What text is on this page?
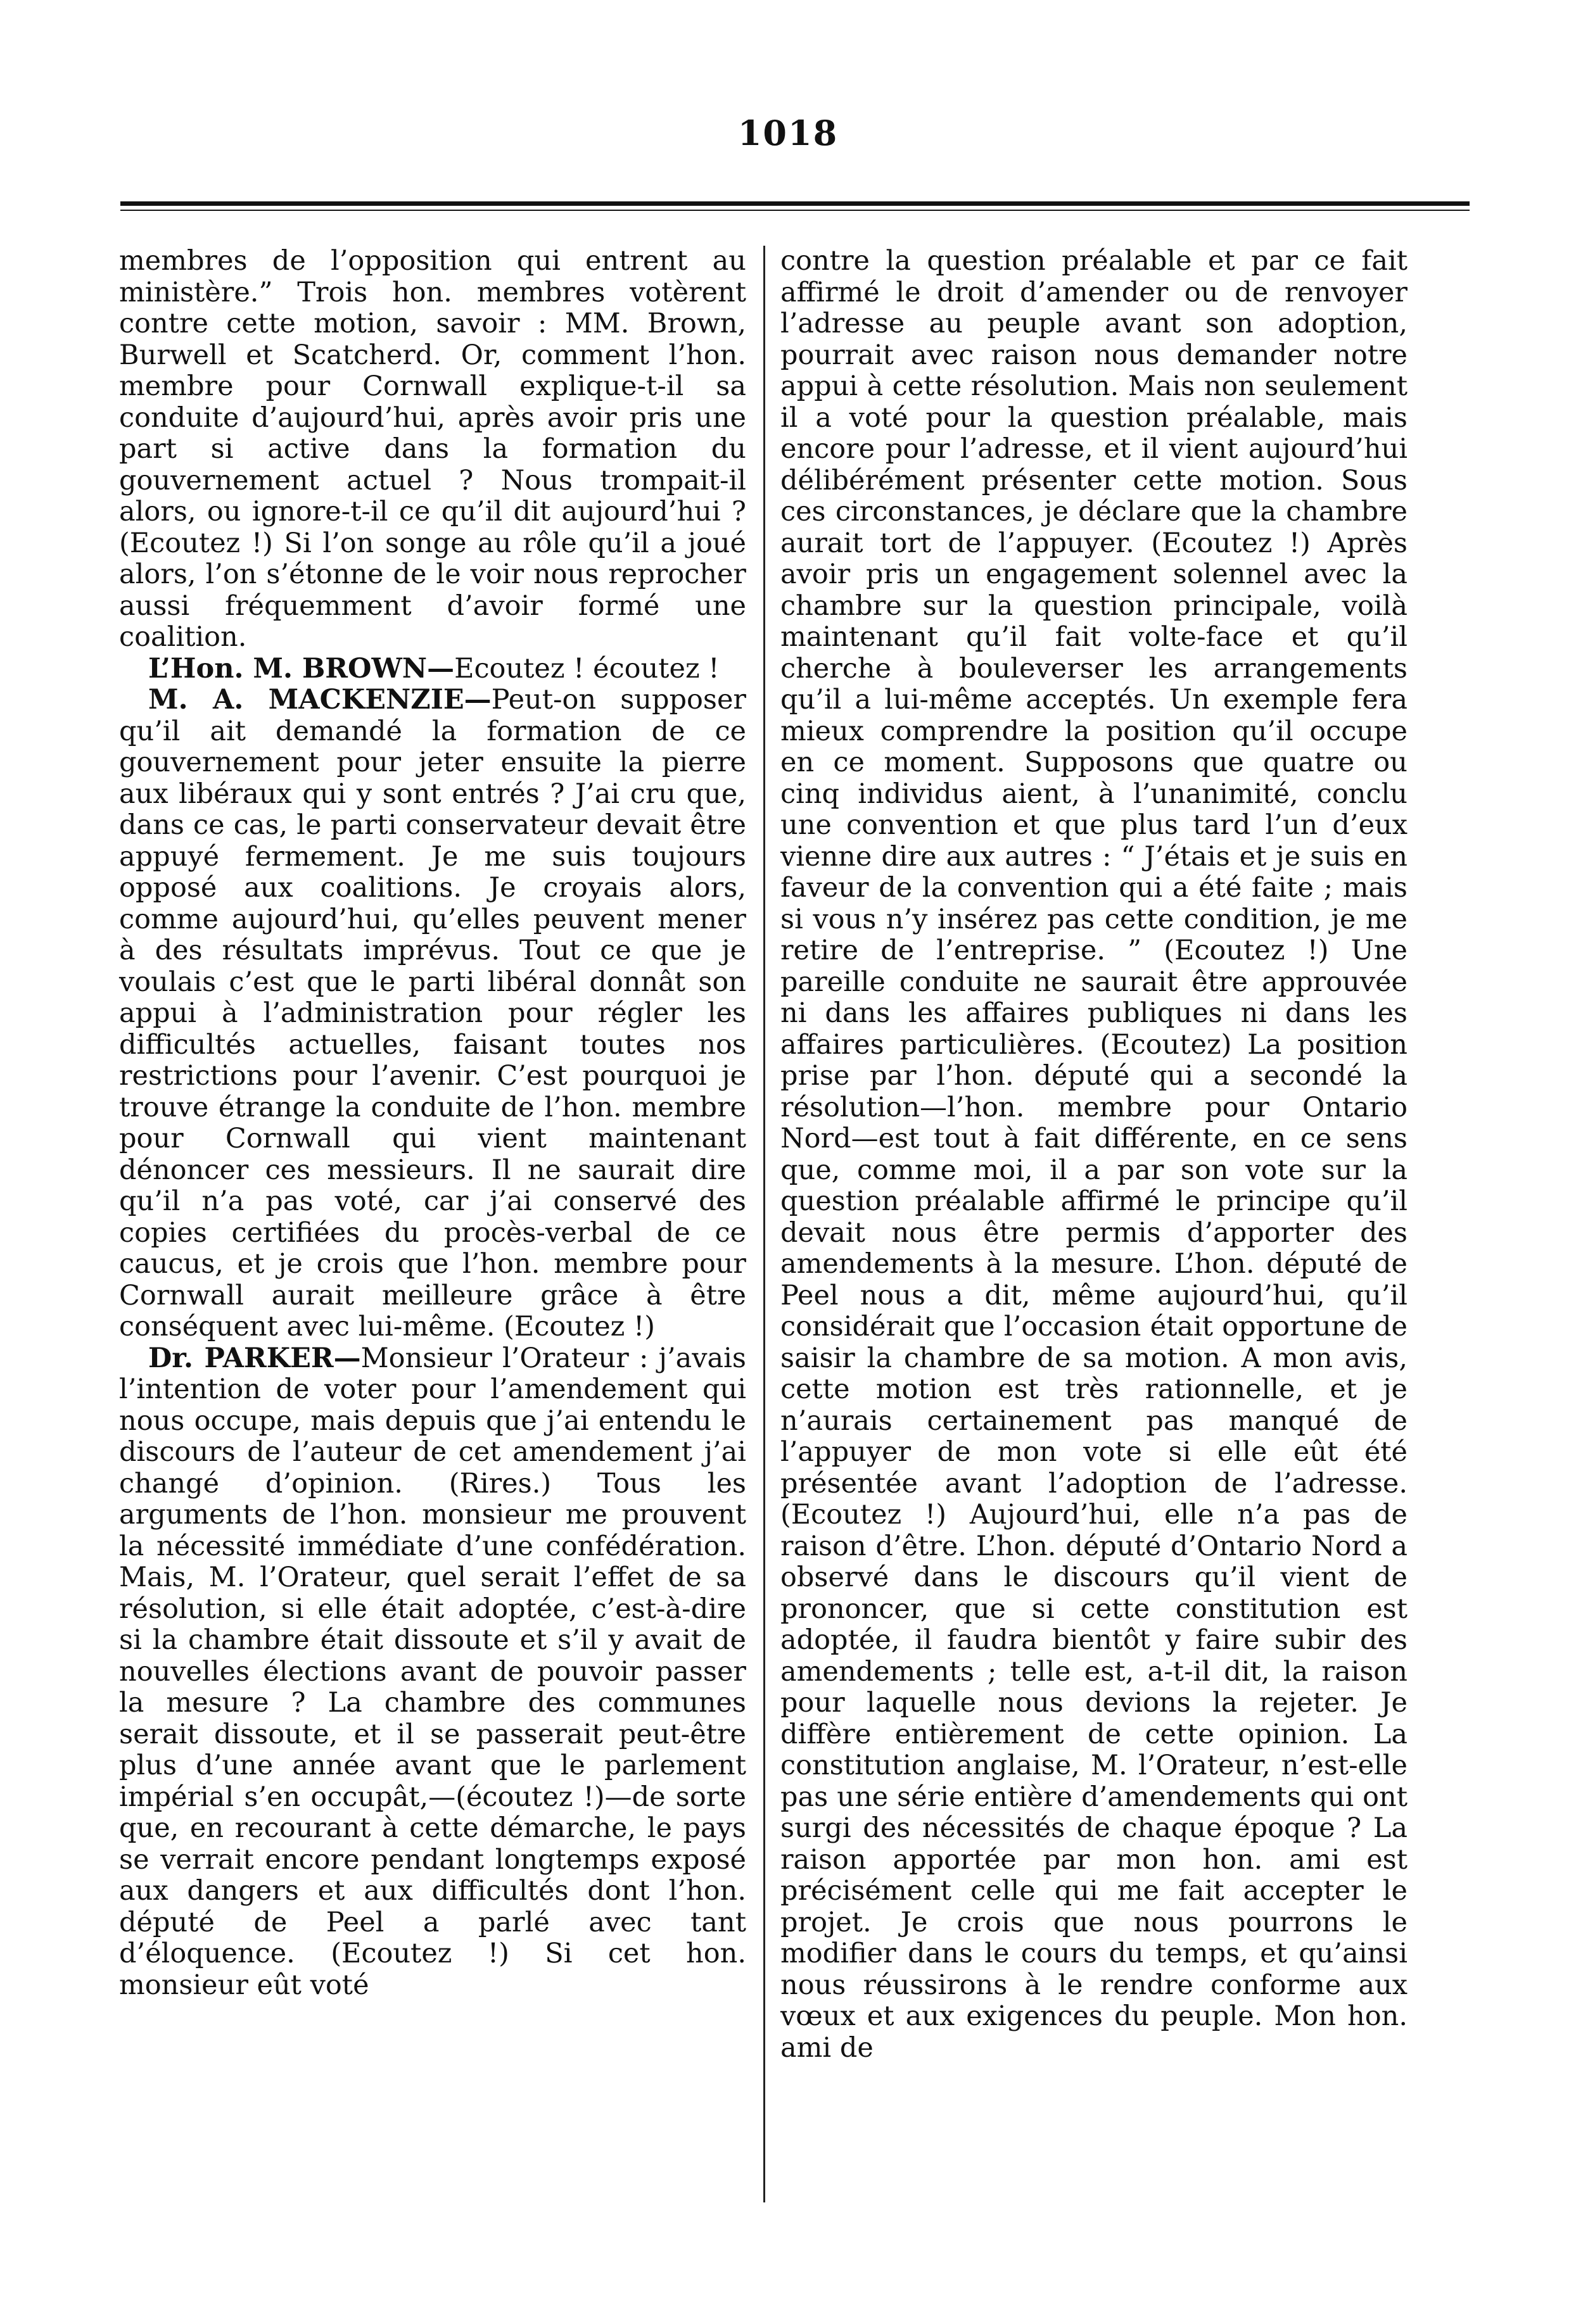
1018

membres de l’opposition qui entrent au ministère.” Trois hon. membres votèrent contre cette motion, savoir : MM. Brown, Burwell et Scatcherd. Or, comment l’hon. membre pour Cornwall explique-t-il sa conduite d’aujourd’hui, après avoir pris une part si active dans la formation du gouvernement actuel ? Nous trompait-il alors, ou ignore-t-il ce qu’il dit aujourd’hui ? (Ecoutez !) Si l’on songe au rôle qu’il a joué alors, l’on s’étonne de le voir nous reprocher aussi fréquemment d’avoir formé une coalition.

L’Hon. M. BROWN—Ecoutez ! écoutez !

M. A. MACKENZIE—Peut-on supposer qu’il ait demandé la formation de ce gouvernement pour jeter ensuite la pierre aux libéraux qui y sont entrés ? J’ai cru que, dans ce cas, le parti conservateur devait être appuyé fermement. Je me suis toujours opposé aux coalitions. Je croyais alors, comme aujourd’hui, qu’elles peuvent mener à des résultats imprévus. Tout ce que je voulais c’est que le parti libéral donnât son appui à l’administration pour régler les difficultés actuelles, faisant toutes nos restrictions pour l’avenir. C’est pourquoi je trouve étrange la conduite de l’hon. membre pour Cornwall qui vient maintenant dénoncer ces messieurs. Il ne saurait dire qu’il n’a pas voté, car j’ai conservé des copies certifiées du procès-verbal de ce caucus, et je crois que l’hon. membre pour Cornwall aurait meilleure grâce à être conséquent avec lui-même. (Ecoutez !)

Dr. PARKER—Monsieur l’Orateur : j’avais l’intention de voter pour l’amendement qui nous occupe, mais depuis que j’ai entendu le discours de l’auteur de cet amendement j’ai changé d’opinion. (Rires.) Tous les arguments de l’hon. monsieur me prouvent la nécessité immédiate d’une confédération. Mais, M. l’Orateur, quel serait l’effet de sa résolution, si elle était adoptée, c’est-à-dire si la chambre était dissoute et s’il y avait de nouvelles élections avant de pouvoir passer la mesure ? La chambre des communes serait dissoute, et il se passerait peut-être plus d’une année avant que le parlement impérial s’en occupât,—(écoutez !)—de sorte que, en recourant à cette démarche, le pays se verrait encore pendant longtemps exposé aux dangers et aux difficultés dont l’hon. député de Peel a parlé avec tant d’éloquence. (Ecoutez !) Si cet hon. monsieur eût voté

contre la question préalable et par ce fait affirmé le droit d’amender ou de renvoyer l’adresse au peuple avant son adoption, pourrait avec raison nous demander notre appui à cette résolution. Mais non seulement il a voté pour la question préalable, mais encore pour l’adresse, et il vient aujourd’hui délibérément présenter cette motion. Sous ces circonstances, je déclare que la chambre aurait tort de l’appuyer. (Ecoutez !) Après avoir pris un engagement solennel avec la chambre sur la question principale, voilà maintenant qu’il fait volte-face et qu’il cherche à bouleverser les arrangements qu’il a lui-même acceptés. Un exemple fera mieux comprendre la position qu’il occupe en ce moment. Supposons que quatre ou cinq individus aient, à l’unanimité, conclu une convention et que plus tard l’un d’eux vienne dire aux autres : “ J’étais et je suis en faveur de la convention qui a été faite ; mais si vous n’y insérez pas cette condition, je me retire de l’entreprise. ” (Ecoutez !) Une pareille conduite ne saurait être approuvée ni dans les affaires publiques ni dans les affaires particulières. (Ecoutez) La position prise par l’hon. député qui a secondé la résolution—l’hon. membre pour Ontario Nord—est tout à fait différente, en ce sens que, comme moi, il a par son vote sur la question préalable affirmé le principe qu’il devait nous être permis d’apporter des amendements à la mesure. L’hon. député de Peel nous a dit, même aujourd’hui, qu’il considérait que l’occasion était opportune de saisir la chambre de sa motion. A mon avis, cette motion est très rationnelle, et je n’aurais certainement pas manqué de l’appuyer de mon vote si elle eût été présentée avant l’adoption de l’adresse. (Ecoutez !) Aujourd’hui, elle n’a pas de raison d’être. L’hon. député d’Ontario Nord a observé dans le discours qu’il vient de prononcer, que si cette constitution est adoptée, il faudra bientôt y faire subir des amendements ; telle est, a-t-il dit, la raison pour laquelle nous devions la rejeter. Je diffère entièrement de cette opinion. La constitution anglaise, M. l’Orateur, n’est-elle pas une série entière d’amendements qui ont surgi des nécessités de chaque époque ? La raison apportée par mon hon. ami est précisément celle qui me fait accepter le projet. Je crois que nous pourrons le modifier dans le cours du temps, et qu’ainsi nous réussirons à le rendre conforme aux vœux et aux exigences du peuple. Mon hon. ami de
